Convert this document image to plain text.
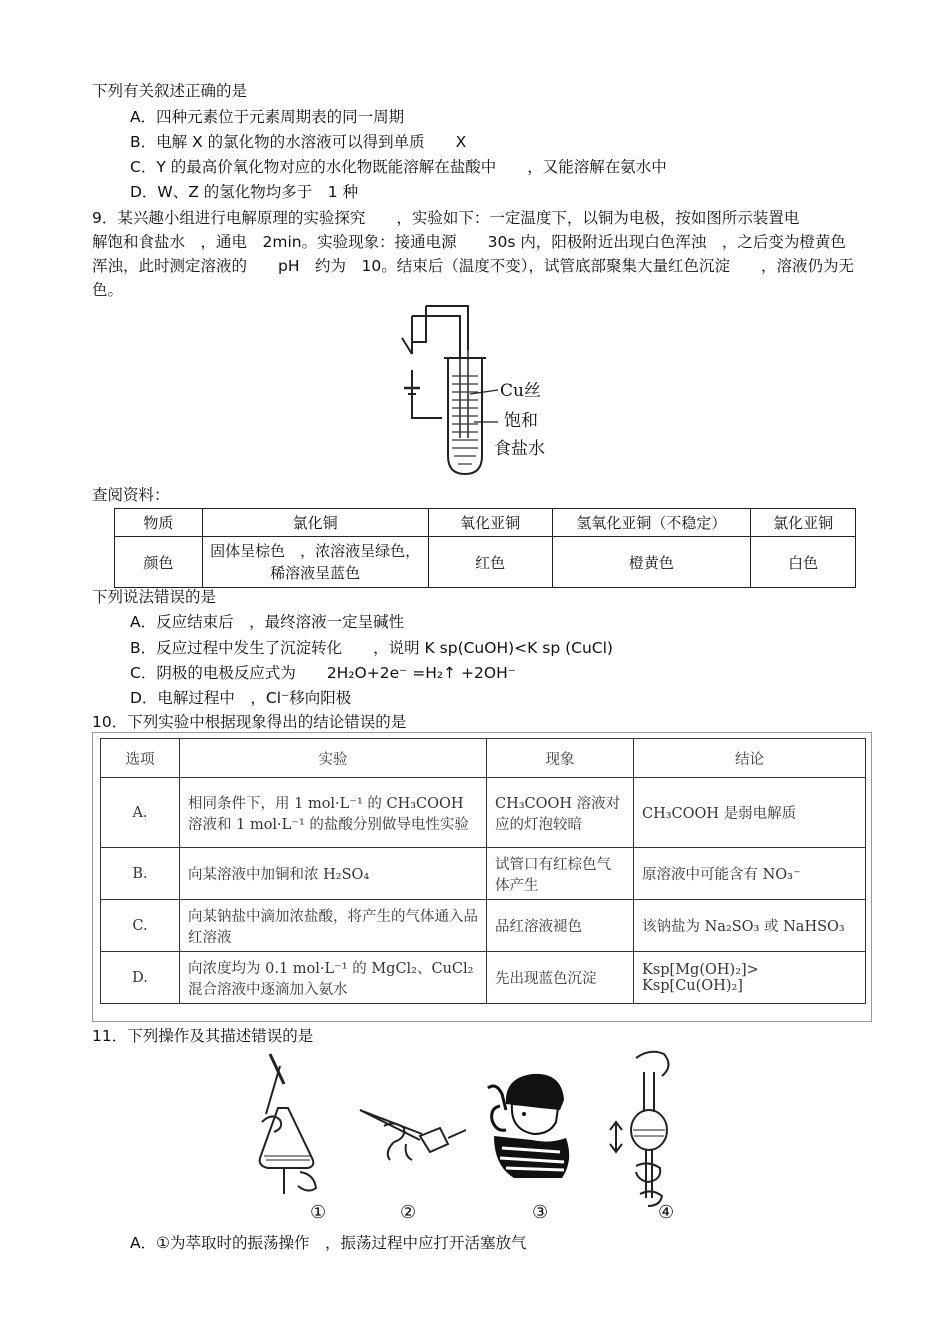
下列有关叙述正确的是
A．四种元素位于元素周期表的同一周期
B．电解 X 的氯化物的水溶液可以得到单质　　X
C．Y 的最高价氧化物对应的水化物既能溶解在盐酸中　　，又能溶解在氨水中
D．W、Z 的氢化物均多于　1 种
9．某兴趣小组进行电解原理的实验探究　　，实验如下：一定温度下，以铜为电极，按如图所示装置电
解饱和食盐水　，通电　2min。实验现象：接通电源　　30s 内，阳极附近出现白色浑浊　，之后变为橙黄色
浑浊，此时测定溶液的　　pH　约为　10。结束后（温度不变），试管底部聚集大量红色沉淀　　，溶液仍为无
色。
Cu丝
饱和
食盐水
查阅资料：
物质	氯化铜	氧化亚铜	氢氧化亚铜（不稳定）	氯化亚铜
颜色	固体呈棕色　，浓溶液呈绿色，稀溶液呈蓝色	红色	橙黄色	白色
下列说法错误的是
A．反应结束后　，最终溶液一定呈碱性
B．反应过程中发生了沉淀转化　　，说明 K sp(CuOH)<K sp (CuCl)
C．阴极的电极反应式为　　2H₂O+2e⁻ =H₂↑ +2OH⁻
D．电解过程中　，Cl⁻移向阳极
10．下列实验中根据现象得出的结论错误的是
选项	实验	现象	结论
A.	相同条件下，用 1 mol·L⁻¹ 的 CH₃COOH 溶液和 1 mol·L⁻¹ 的盐酸分别做导电性实验	CH₃COOH 溶液对应的灯泡较暗	CH₃COOH 是弱电解质
B.	向某溶液中加铜和浓 H₂SO₄	试管口有红棕色气体产生	原溶液中可能含有 NO₃⁻
C.	向某钠盐中滴加浓盐酸，将产生的气体通入品红溶液	品红溶液褪色	该钠盐为 Na₂SO₃ 或 NaHSO₃
D.	向浓度均为 0.1 mol·L⁻¹ 的 MgCl₂、CuCl₂ 混合溶液中逐滴加入氨水	先出现蓝色沉淀	Ksp[Mg(OH)₂]> Ksp[Cu(OH)₂]
11．下列操作及其描述错误的是
①	②	③	④
A．①为萃取时的振荡操作　，振荡过程中应打开活塞放气
